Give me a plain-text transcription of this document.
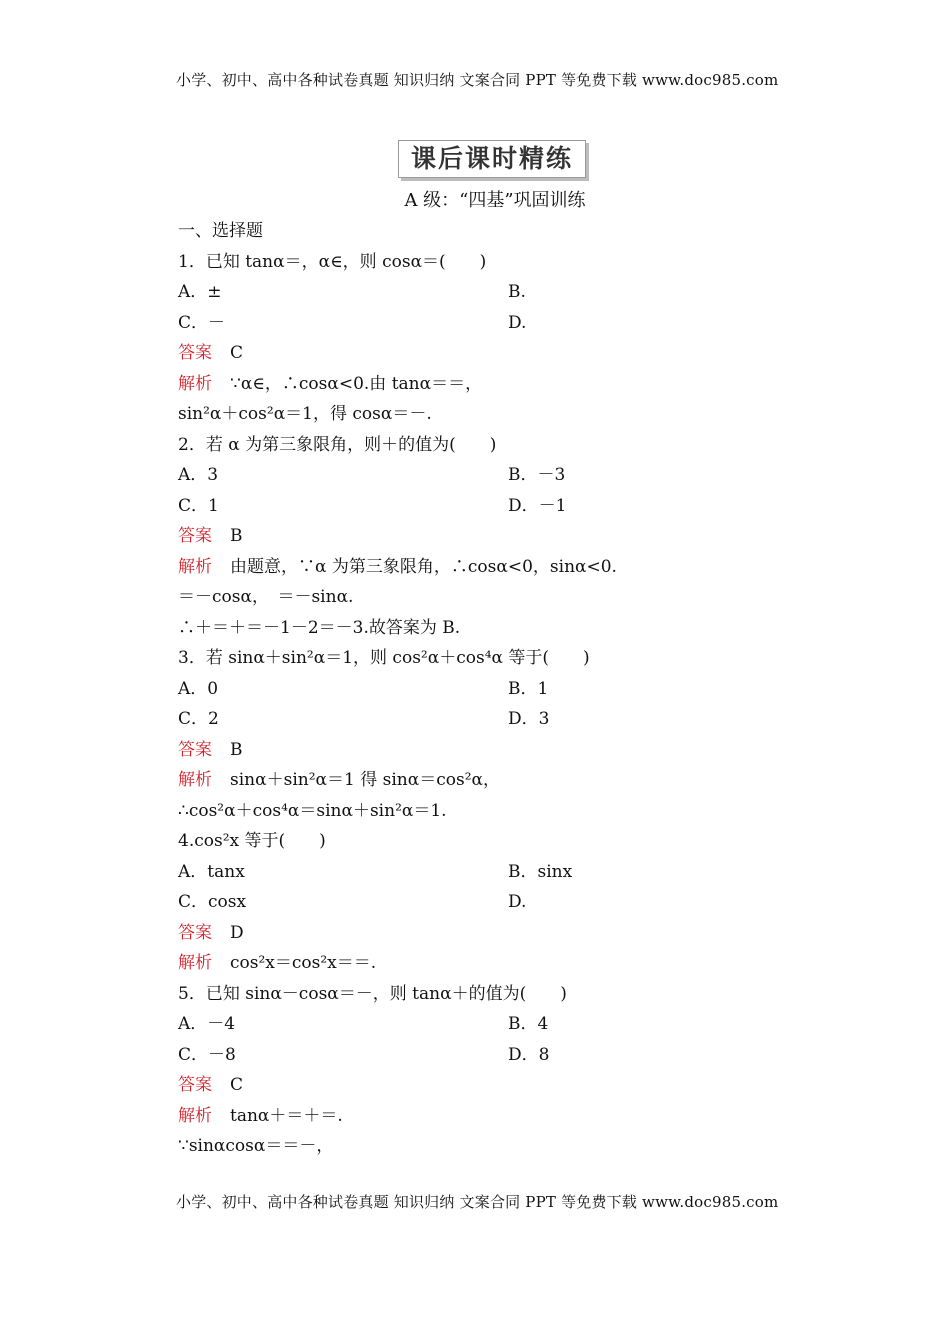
小学、初中、高中各种试卷真题 知识归纳 文案合同 PPT 等免费下载 www.doc985.com
课后课时精练
A 级：“四基”巩固训练
一、选择题
1．已知 tanα＝，α∈，则 cosα＝(　　)
A．±	B.
C．－	D.
答案 C
解析 ∵α∈，∴cosα<0.由 tanα＝＝，
sin²α＋cos²α＝1，得 cosα＝－.
2．若 α 为第三象限角，则＋的值为(　　)
A．3	B．－3
C．1	D．－1
答案 B
解析 由题意，∵α 为第三象限角，∴cosα<0，sinα<0.
＝－cosα，　＝－sinα.
∴＋＝＋＝－1－2＝－3.故答案为 B.
3．若 sinα＋sin²α＝1，则 cos²α＋cos⁴α 等于(　　)
A．0	B．1
C．2	D．3
答案 B
解析 sinα＋sin²α＝1 得 sinα＝cos²α，
∴cos²α＋cos⁴α＝sinα＋sin²α＝1.
4.cos²x 等于(　　)
A．tanx	B．sinx
C．cosx	D.
答案 D
解析 cos²x＝cos²x＝＝.
5．已知 sinα－cosα＝－，则 tanα＋的值为(　　)
A．－4	B．4
C．－8	D．8
答案 C
解析 tanα＋＝＋＝.
∵sinαcosα＝＝－，
小学、初中、高中各种试卷真题 知识归纳 文案合同 PPT 等免费下载 www.doc985.com
